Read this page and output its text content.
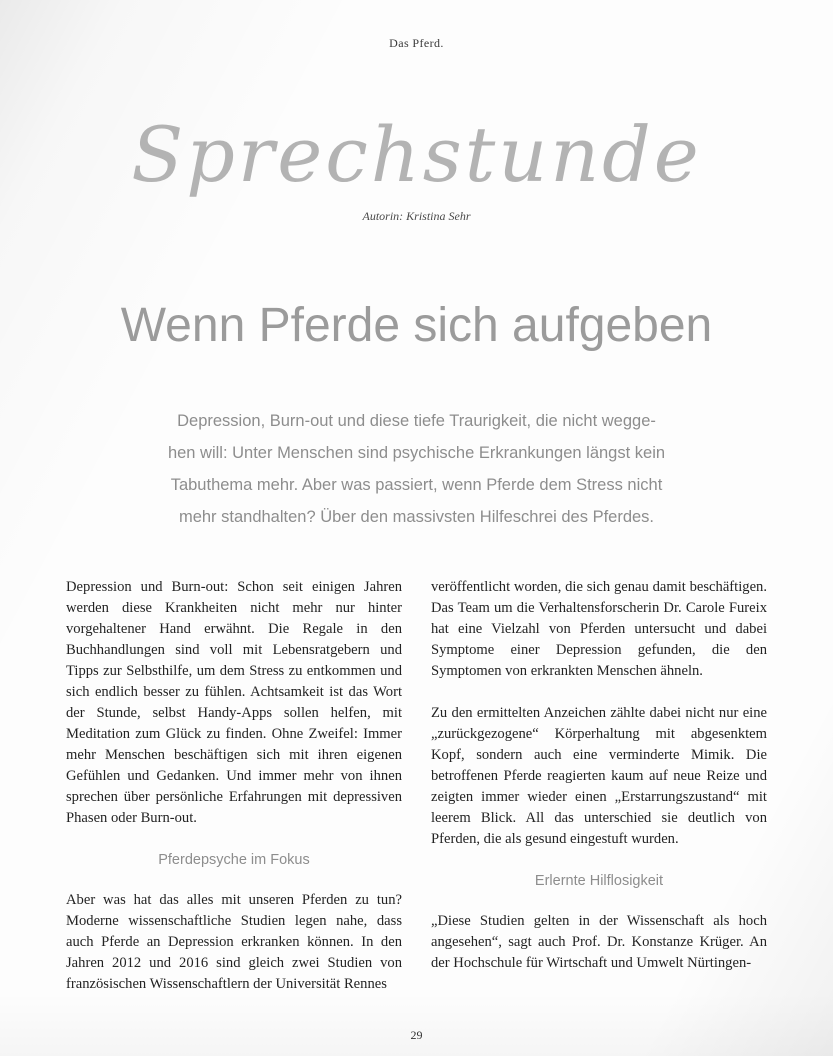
Das Pferd.
Sprechstunde
Autorin: Kristina Sehr
Wenn Pferde sich aufgeben
Depression, Burn-out und diese tiefe Traurigkeit, die nicht wegge-
hen will: Unter Menschen sind psychische Erkrankungen längst kein
Tabuthema mehr. Aber was passiert, wenn Pferde dem Stress nicht
mehr standhalten? Über den massivsten Hilfeschrei des Pferdes.

Depression und Burn-out: Schon seit einigen Jahren werden diese Krankheiten nicht mehr nur hinter vorgehaltener Hand erwähnt. Die Regale in den Buchhandlungen sind voll mit Lebensratgebern und Tipps zur Selbsthilfe, um dem Stress zu entkommen und sich endlich besser zu fühlen. Achtsamkeit ist das Wort der Stunde, selbst Handy-Apps sollen helfen, mit Meditation zum Glück zu finden. Ohne Zweifel: Immer mehr Menschen beschäftigen sich mit ihren eigenen Gefühlen und Gedanken. Und immer mehr von ihnen sprechen über persönliche Erfahrungen mit depressiven Phasen oder Burn-out.

Pferdepsyche im Fokus

Aber was hat das alles mit unseren Pferden zu tun? Moderne wissenschaftliche Studien legen nahe, dass auch Pferde an Depression erkranken können. In den Jahren 2012 und 2016 sind gleich zwei Studien von französischen Wissenschaftlern der Universität Rennes

veröffentlicht worden, die sich genau damit beschäftigen. Das Team um die Verhaltensforscherin Dr. Carole Fureix hat eine Vielzahl von Pferden untersucht und dabei Symptome einer Depression gefunden, die den Symptomen von erkrankten Menschen ähneln.

Zu den ermittelten Anzeichen zählte dabei nicht nur eine „zurückgezogene“ Körperhaltung mit abgesenktem Kopf, sondern auch eine verminderte Mimik. Die betroffenen Pferde reagierten kaum auf neue Reize und zeigten immer wieder einen „Erstarrungszustand“ mit leerem Blick. All das unterschied sie deutlich von Pferden, die als gesund eingestuft wurden.

Erlernte Hilflosigkeit

„Diese Studien gelten in der Wissenschaft als hoch angesehen“, sagt auch Prof. Dr. Konstanze Krüger. An der Hochschule für Wirtschaft und Umwelt Nürtingen-

29
